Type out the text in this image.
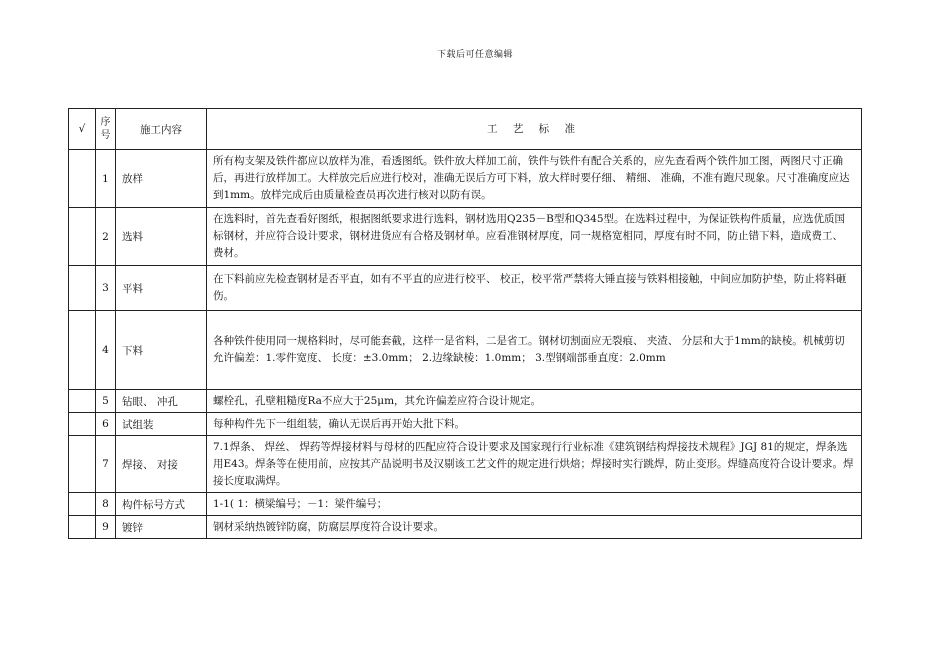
下载后可任意编辑
√	序号	施工内容	工 艺 标 准
	1	放样	所有构支架及铁件都应以放样为准，看透图纸。铁件放大样加工前，铁件与铁件有配合关系的，应先查看两个铁件加工图，两图尺寸正确后，再进行放样加工。大样放完后应进行校对，准确无误后方可下料，放大样时要仔细、 精细、 准确，不准有跑尺现象。尺寸准确度应达到1mm。放样完成后由质量检查员再次进行核对以防有误。
	2	选料	在选料时，首先查看好图纸，根据图纸要求进行选料，钢材选用Q235－B型和Q345型。在选料过程中，为保证铁构件质量，应选优质国标钢材，并应符合设计要求，钢材进货应有合格及钢材单。应看准钢材厚度，同一规格宽相同，厚度有时不同，防止错下料，造成费工、 费材。
	3	平料	在下料前应先检查钢材是否平直，如有不平直的应进行校平、 校正，校平常严禁将大锤直接与铁料相接触，中间应加防护垫，防止将料砸伤。
	4	下料	各种铁件使用同一规格料时，尽可能套截，这样一是省料，二是省工。钢材切割面应无裂痕、 夹渣、 分层和大于1mm的缺棱。机械剪切允许偏差：1.零件宽度、 长度：±3.0mm； 2.边缘缺棱：1.0mm； 3.型钢端部垂直度：2.0mm
	5	钻眼、 冲孔	螺栓孔，孔壁粗糙度Ra不应大于25μm，其允许偏差应符合设计规定。
	6	试组装	每种构件先下一组组装，确认无误后再开始大批下料。
	7	焊接、 对接	7.1焊条、 焊丝、 焊药等焊接材料与母材的匹配应符合设计要求及国家现行行业标准《建筑钢结构焊接技术规程》JGJ 81的规定，焊条选用E43。焊条等在使用前，应按其产品说明书及汉剔该工艺文件的规定进行烘焙；焊接时实行跳焊，防止变形。焊缝高度符合设计要求。焊接长度取满焊。
	8	构件标号方式	1-1( 1：横梁编号；－1：梁件编号；
	9	镀锌	钢材采纳热镀锌防腐，防腐层厚度符合设计要求。
